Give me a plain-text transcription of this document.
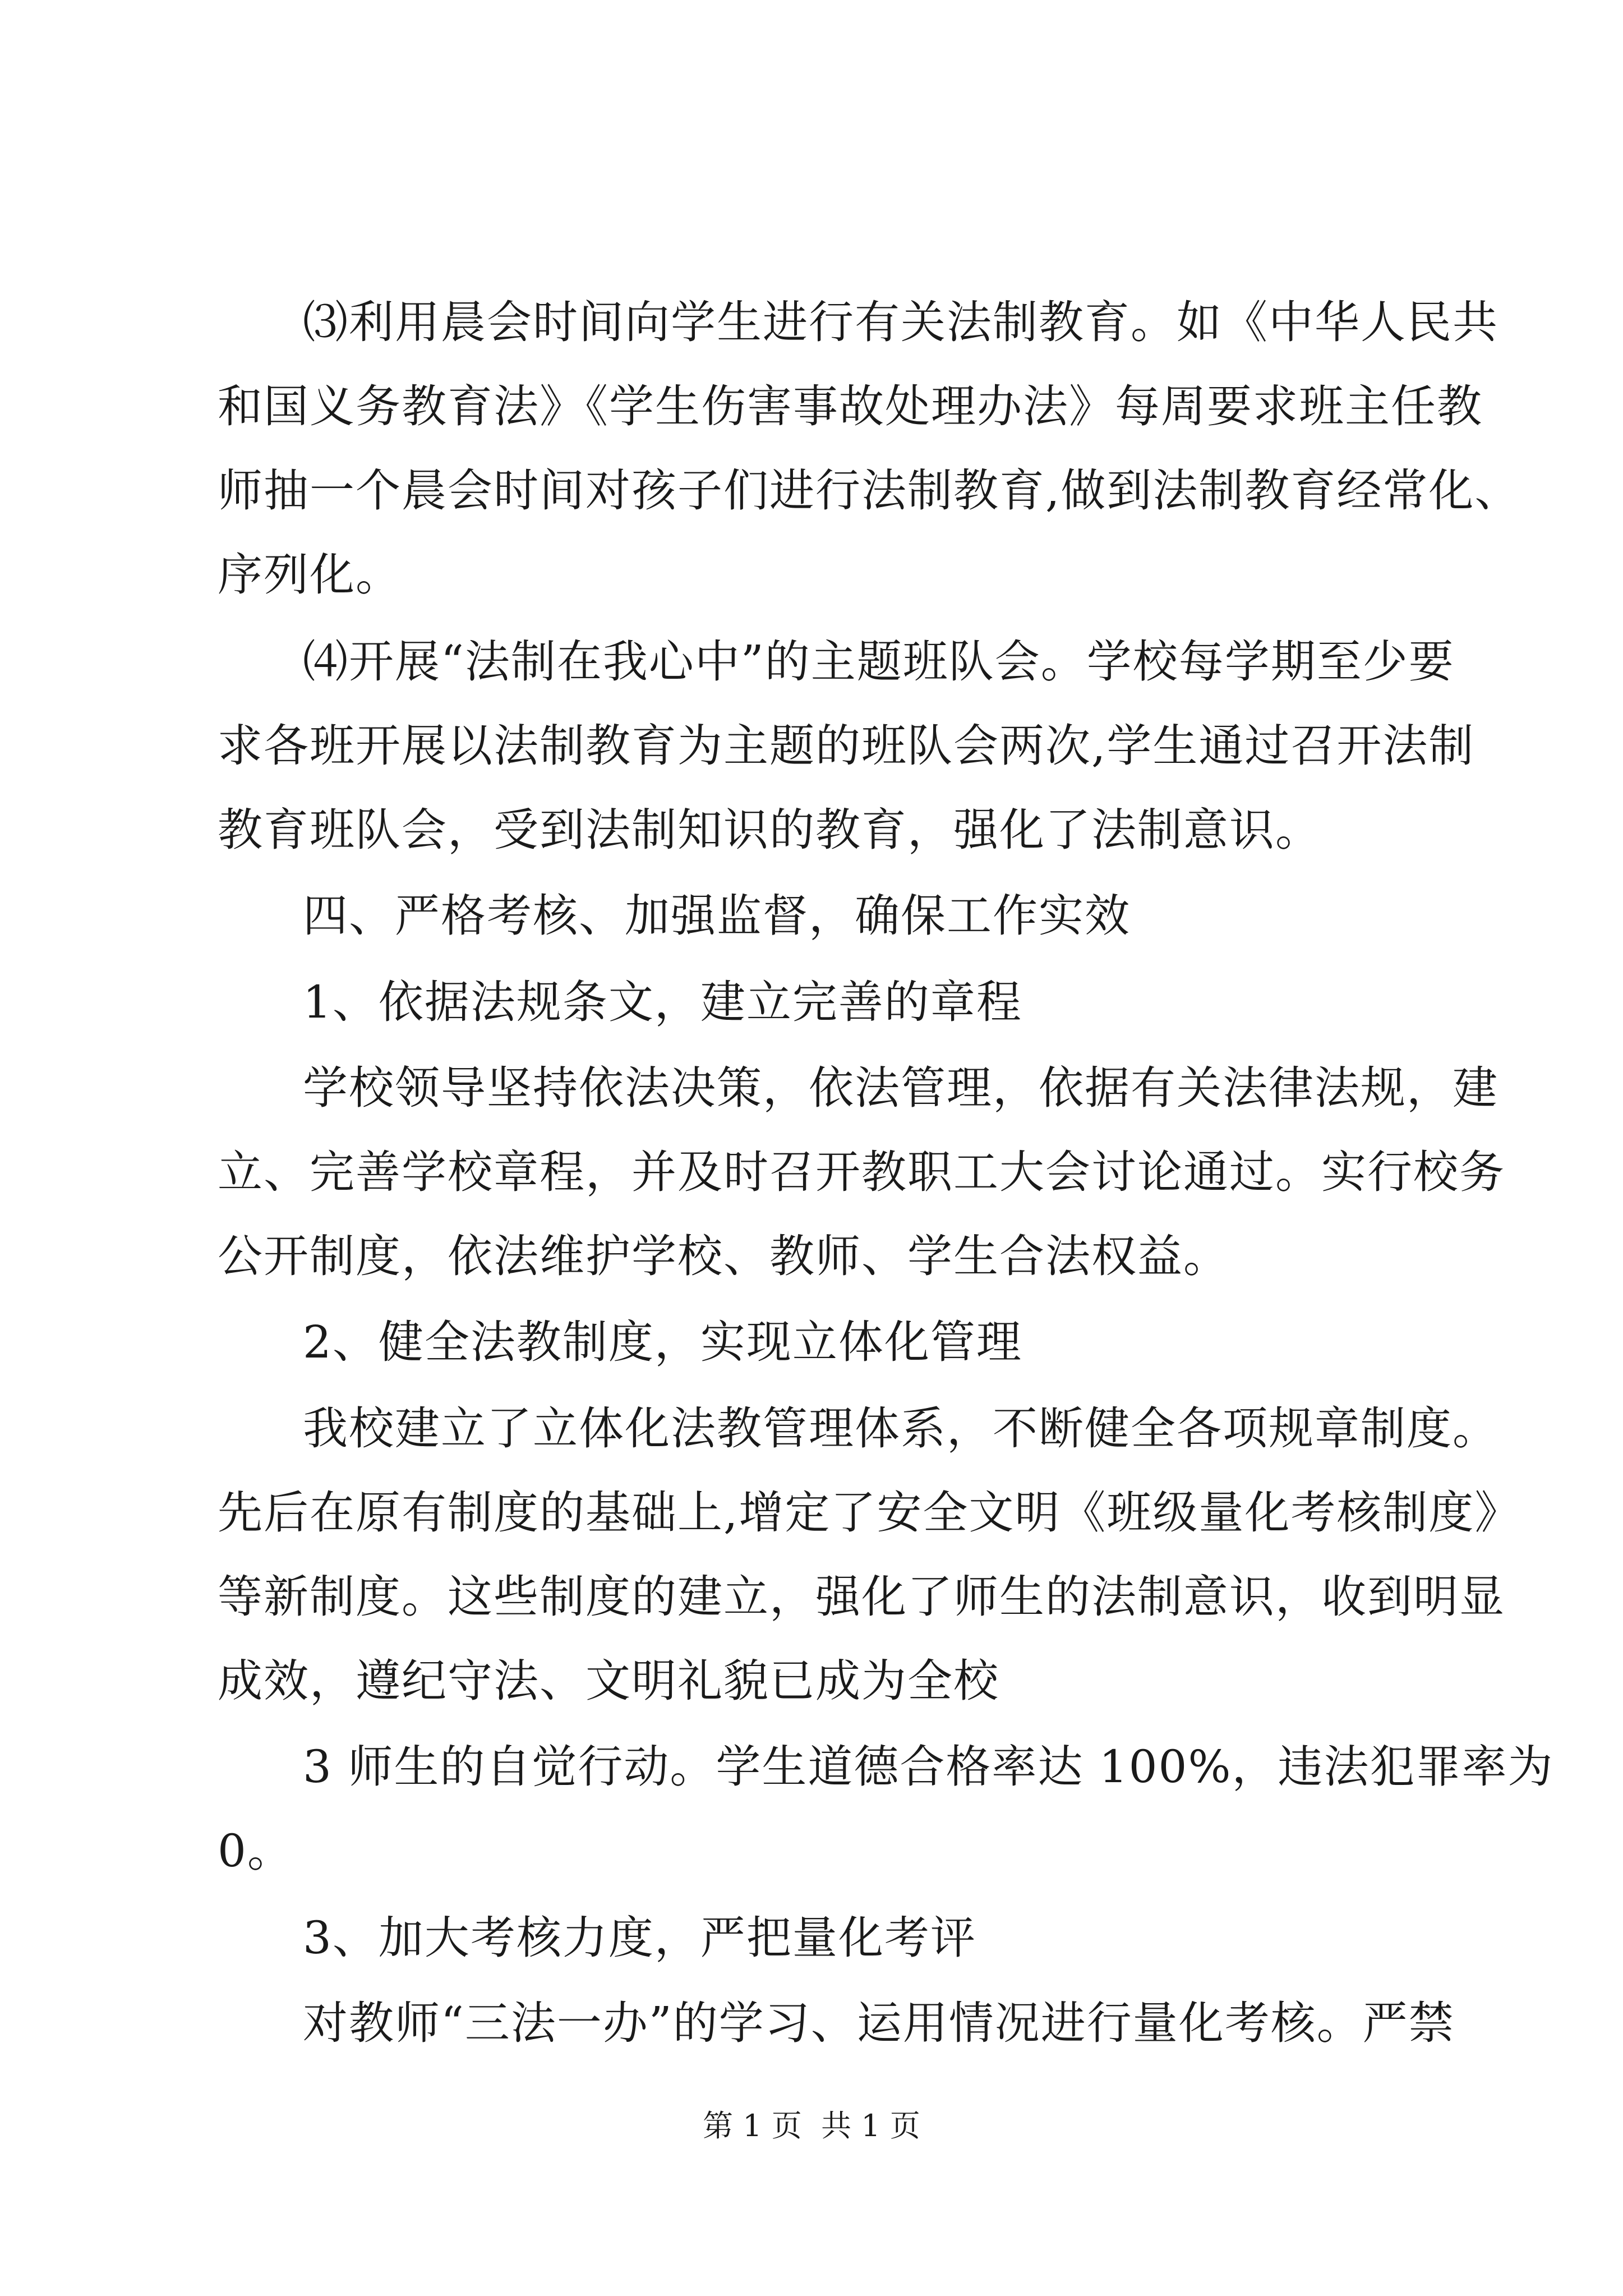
⑶利用晨会时间向学生进行有关法制教育。如《中华人民共
和国义务教育法》《学生伤害事故处理办法》每周要求班主任教
师抽一个晨会时间对孩子们进行法制教育,做到法制教育经常化、
序列化。
⑷开展“法制在我心中”的主题班队会。学校每学期至少要
求各班开展以法制教育为主题的班队会两次,学生通过召开法制
教育班队会，受到法制知识的教育，强化了法制意识。
四、严格考核、加强监督，确保工作实效
1、依据法规条文，建立完善的章程
学校领导坚持依法决策，依法管理，依据有关法律法规，建
立、完善学校章程，并及时召开教职工大会讨论通过。实行校务
公开制度，依法维护学校、教师、学生合法权益。
2、健全法教制度，实现立体化管理
我校建立了立体化法教管理体系，不断健全各项规章制度。
先后在原有制度的基础上,增定了安全文明《班级量化考核制度》
等新制度。这些制度的建立，强化了师生的法制意识，收到明显
成效，遵纪守法、文明礼貌已成为全校
3 师生的自觉行动。学生道德合格率达 100%，违法犯罪率为
0。
3、加大考核力度，严把量化考评
对教师“三法一办”的学习、运用情况进行量化考核。严禁
第 1 页  共 1 页
